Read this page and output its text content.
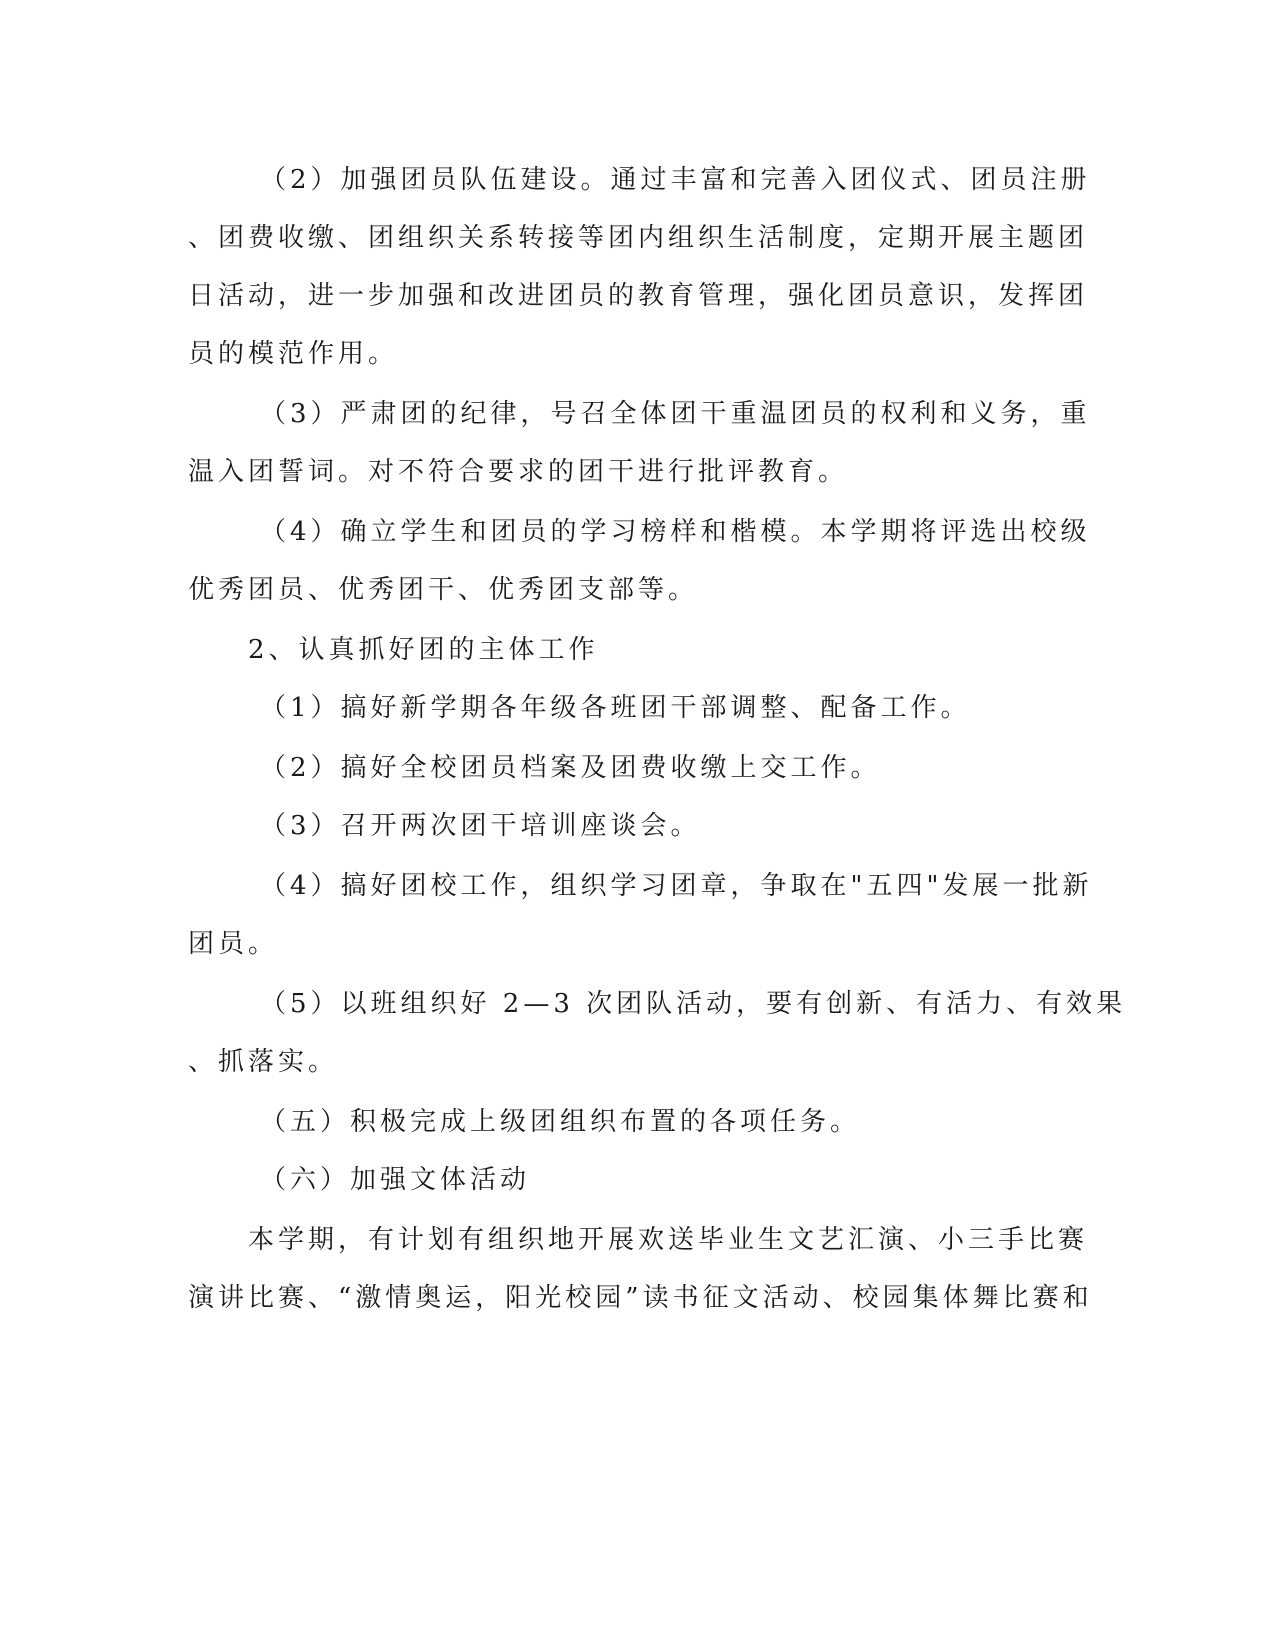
（2）加强团员队伍建设。通过丰富和完善入团仪式、团员注册
、团费收缴、团组织关系转接等团内组织生活制度，定期开展主题团
日活动，进一步加强和改进团员的教育管理，强化团员意识，发挥团
员的模范作用。
（3）严肃团的纪律，号召全体团干重温团员的权利和义务，重
温入团誓词。对不符合要求的团干进行批评教育。
（4）确立学生和团员的学习榜样和楷模。本学期将评选出校级
优秀团员、优秀团干、优秀团支部等。
2、认真抓好团的主体工作
（1）搞好新学期各年级各班团干部调整、配备工作。
（2）搞好全校团员档案及团费收缴上交工作。
（3）召开两次团干培训座谈会。
（4）搞好团校工作，组织学习团章，争取在"五四"发展一批新
团员。
（5）以班组织好 2—3 次团队活动，要有创新、有活力、有效果
、抓落实。
（五）积极完成上级团组织布置的各项任务。
（六）加强文体活动
本学期，有计划有组织地开展欢送毕业生文艺汇演、小三手比赛
演讲比赛、“激情奥运，阳光校园”读书征文活动、校园集体舞比赛和
